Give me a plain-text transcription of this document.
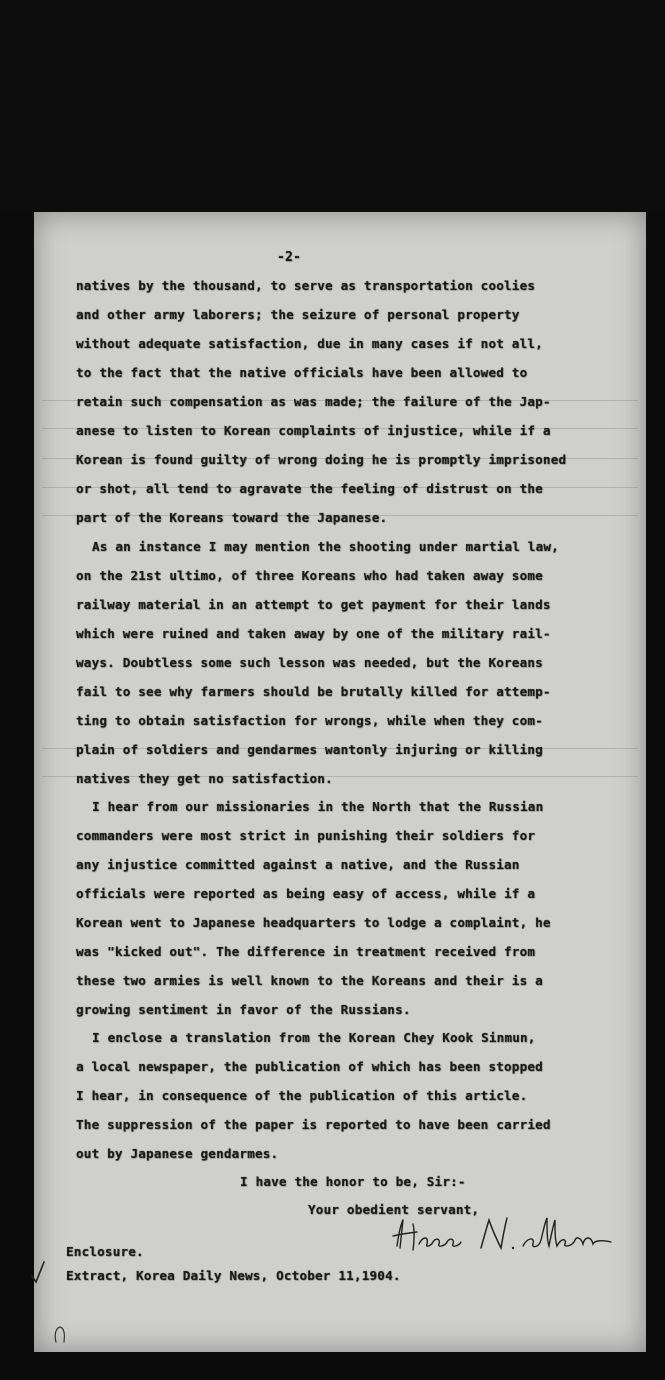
-2-
natives by the thousand, to serve as transportation coolies
and other army laborers; the seizure of personal property
without adequate satisfaction, due in many cases if not all,
to the fact that the native officials have been allowed to
retain such compensation as was made; the failure of the Jap-
anese to listen to Korean complaints of injustice, while if a
Korean is found guilty of wrong doing he is promptly imprisoned
or shot, all tend to agravate the feeling of distrust on the
part of the Koreans toward the Japanese.
As an instance I may mention the shooting under martial law,
on the 21st ultimo, of three Koreans who had taken away some
railway material in an attempt to get payment for their lands
which were ruined and taken away by one of the military rail-
ways. Doubtless some such lesson was needed, but the Koreans
fail to see why farmers should be brutally killed for attemp-
ting to obtain satisfaction for wrongs, while when they com-
plain of soldiers and gendarmes wantonly injuring or killing
natives they get no satisfaction.
I hear from our missionaries in the North that the Russian
commanders were most strict in punishing their soldiers for
any injustice committed against a native, and the Russian
officials were reported as being easy of access, while if a
Korean went to Japanese headquarters to lodge a complaint, he
was "kicked out". The difference in treatment received from
these two armies is well known to the Koreans and their is a
growing sentiment in favor of the Russians.
I enclose a translation from the Korean Chey Kook Sinmun,
a local newspaper, the publication of which has been stopped
I hear, in consequence of the publication of this article.
The suppression of the paper is reported to have been carried
out by Japanese gendarmes.
I have the honor to be, Sir:-
Your obedient servant,
Enclosure.
Extract, Korea Daily News, October 11,1904.
